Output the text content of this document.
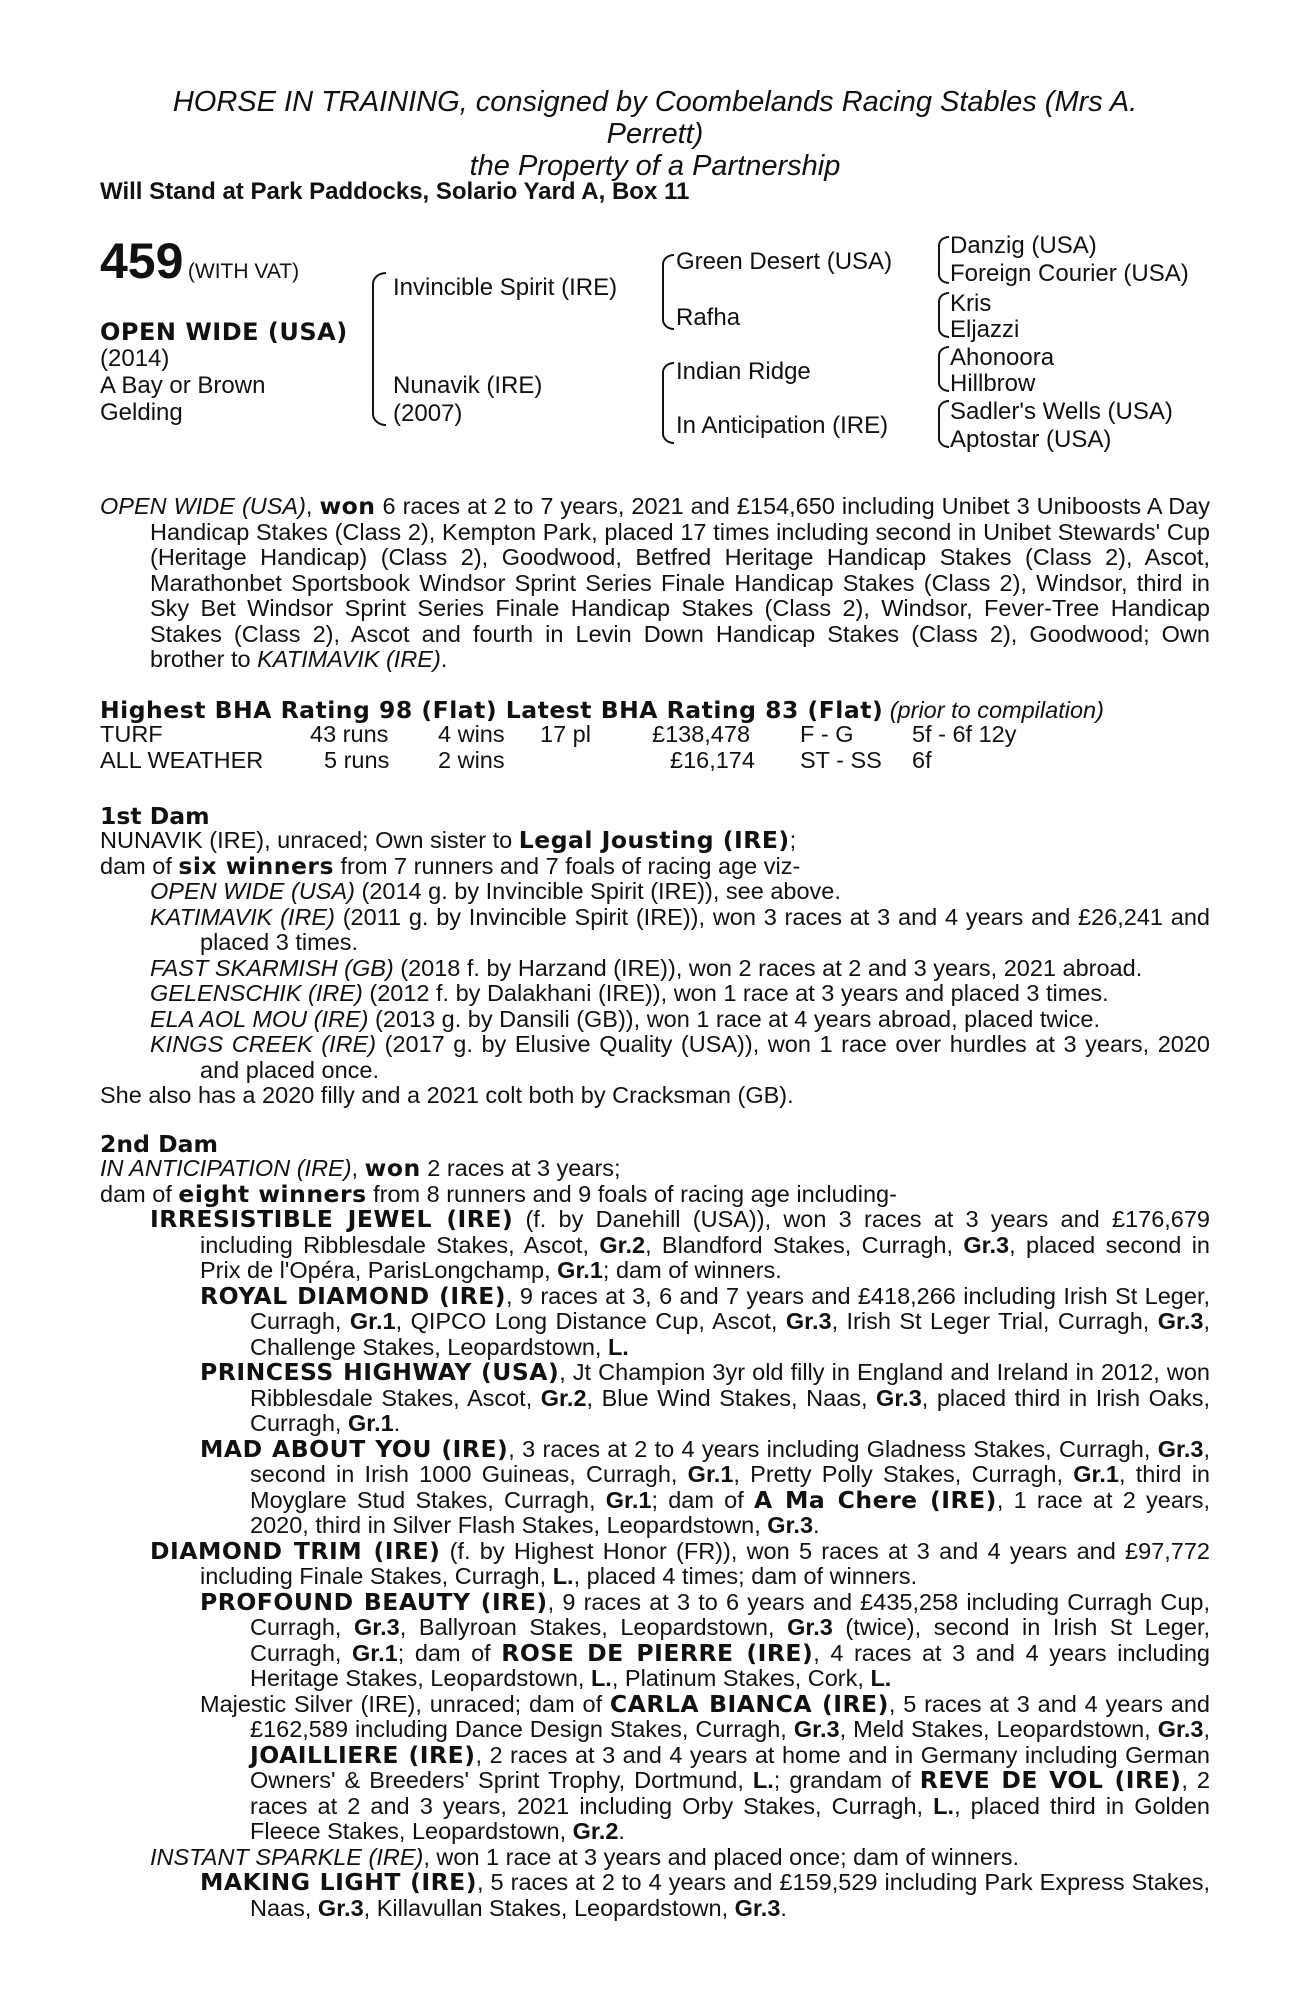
HORSE IN TRAINING, consigned by Coombelands Racing Stables (Mrs A.
Perrett)
the Property of a Partnership
Will Stand at Park Paddocks, Solario Yard A, Box 11
459 (WITH VAT)
OPEN WIDE (USA)
(2014)
A Bay or Brown
Gelding
Invincible Spirit (IRE)
Nunavik (IRE)
(2007)
Green Desert (USA)
Rafha
Indian Ridge
In Anticipation (IRE)
Danzig (USA)
Foreign Courier (USA)
Kris
Eljazzi
Ahonoora
Hillbrow
Sadler's Wells (USA)
Aptostar (USA)

OPEN WIDE (USA), won 6 races at 2 to 7 years, 2021 and £154,650 including Unibet 3 Uniboosts A Day Handicap Stakes (Class 2), Kempton Park, placed 17 times including second in Unibet Stewards' Cup (Heritage Handicap) (Class 2), Goodwood, Betfred Heritage Handicap Stakes (Class 2), Ascot, Marathonbet Sportsbook Windsor Sprint Series Finale Handicap Stakes (Class 2), Windsor, third in Sky Bet Windsor Sprint Series Finale Handicap Stakes (Class 2), Windsor, Fever-Tree Handicap Stakes (Class 2), Ascot and fourth in Levin Down Handicap Stakes (Class 2), Goodwood; Own brother to KATIMAVIK (IRE).

Highest BHA Rating 98 (Flat) Latest BHA Rating 83 (Flat) (prior to compilation)
TURF	43 runs 4 wins 17 pl	£138,478 F - G 5f - 6f 12y
ALL WEATHER	5 runs 2 wins	£16,174 ST - SS 6f
1st Dam

NUNAVIK (IRE), unraced; Own sister to Legal Jousting (IRE);

dam of six winners from 7 runners and 7 foals of racing age viz-

OPEN WIDE (USA) (2014 g. by Invincible Spirit (IRE)), see above.

KATIMAVIK (IRE) (2011 g. by Invincible Spirit (IRE)), won 3 races at 3 and 4 years and £26,241 and placed 3 times.

FAST SKARMISH (GB) (2018 f. by Harzand (IRE)), won 2 races at 2 and 3 years, 2021 abroad.

GELENSCHIK (IRE) (2012 f. by Dalakhani (IRE)), won 1 race at 3 years and placed 3 times.

ELA AOL MOU (IRE) (2013 g. by Dansili (GB)), won 1 race at 4 years abroad, placed twice.

KINGS CREEK (IRE) (2017 g. by Elusive Quality (USA)), won 1 race over hurdles at 3 years, 2020 and placed once.

She also has a 2020 filly and a 2021 colt both by Cracksman (GB).

2nd Dam

IN ANTICIPATION (IRE), won 2 races at 3 years;

dam of eight winners from 8 runners and 9 foals of racing age including-

IRRESISTIBLE JEWEL (IRE) (f. by Danehill (USA)), won 3 races at 3 years and £176,679 including Ribblesdale Stakes, Ascot, Gr.2, Blandford Stakes, Curragh, Gr.3, placed second in Prix de l'Opéra, ParisLongchamp, Gr.1; dam of winners.

ROYAL DIAMOND (IRE), 9 races at 3, 6 and 7 years and £418,266 including Irish St Leger, Curragh, Gr.1, QIPCO Long Distance Cup, Ascot, Gr.3, Irish St Leger Trial, Curragh, Gr.3, Challenge Stakes, Leopardstown, L.

PRINCESS HIGHWAY (USA), Jt Champion 3yr old filly in England and Ireland in 2012, won Ribblesdale Stakes, Ascot, Gr.2, Blue Wind Stakes, Naas, Gr.3, placed third in Irish Oaks, Curragh, Gr.1.

MAD ABOUT YOU (IRE), 3 races at 2 to 4 years including Gladness Stakes, Curragh, Gr.3, second in Irish 1000 Guineas, Curragh, Gr.1, Pretty Polly Stakes, Curragh, Gr.1, third in Moyglare Stud Stakes, Curragh, Gr.1; dam of A Ma Chere (IRE), 1 race at 2 years, 2020, third in Silver Flash Stakes, Leopardstown, Gr.3.

DIAMOND TRIM (IRE) (f. by Highest Honor (FR)), won 5 races at 3 and 4 years and £97,772 including Finale Stakes, Curragh, L., placed 4 times; dam of winners.

PROFOUND BEAUTY (IRE), 9 races at 3 to 6 years and £435,258 including Curragh Cup, Curragh, Gr.3, Ballyroan Stakes, Leopardstown, Gr.3 (twice), second in Irish St Leger, Curragh, Gr.1; dam of ROSE DE PIERRE (IRE), 4 races at 3 and 4 years including Heritage Stakes, Leopardstown, L., Platinum Stakes, Cork, L.

Majestic Silver (IRE), unraced; dam of CARLA BIANCA (IRE), 5 races at 3 and 4 years and £162,589 including Dance Design Stakes, Curragh, Gr.3, Meld Stakes, Leopardstown, Gr.3, JOAILLIERE (IRE), 2 races at 3 and 4 years at home and in Germany including German Owners' & Breeders' Sprint Trophy, Dortmund, L.; grandam of REVE DE VOL (IRE), 2 races at 2 and 3 years, 2021 including Orby Stakes, Curragh, L., placed third in Golden Fleece Stakes, Leopardstown, Gr.2.

INSTANT SPARKLE (IRE), won 1 race at 3 years and placed once; dam of winners.

MAKING LIGHT (IRE), 5 races at 2 to 4 years and £159,529 including Park Express Stakes, Naas, Gr.3, Killavullan Stakes, Leopardstown, Gr.3.
